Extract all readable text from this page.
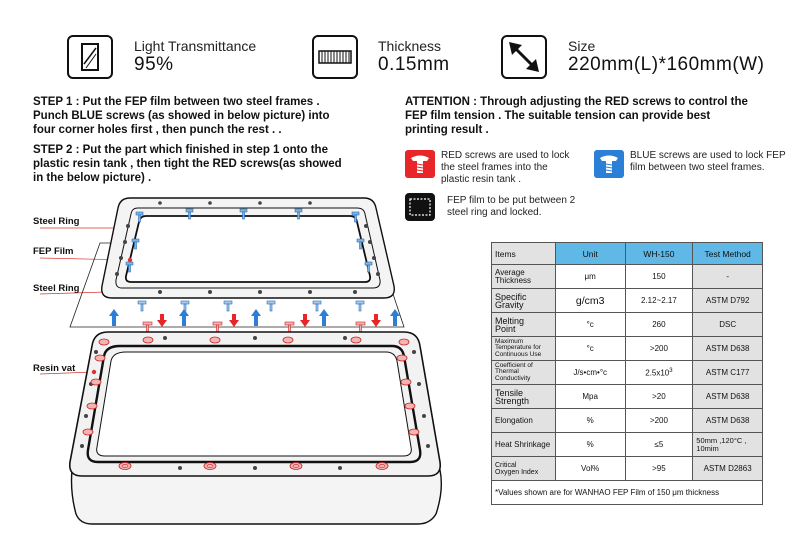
Light Transmittance
95%
Thickness
0.15mm
Size
220mm(L)*160mm(W)
STEP 1 : Put the FEP film between two steel frames .
Punch BLUE screws (as showed in below picture) into
four corner holes first , then punch the rest . .
STEP 2 : Put the part which finished in step 1 onto the
plastic resin tank , then tight the RED screws(as showed
in the below picture) .
ATTENTION : Through adjusting the RED screws to control the
FEP film tension . The suitable tension can provide best
printing result .
RED screws are used to lock
the steel frames into the
plastic resin tank .
BLUE screws are used to lock FEP
film between two steel frames.
FEP film to be put between 2
steel ring and locked.
Steel Ring
FEP Film
Steel Ring
Resin vat
Items	Unit	WH-150	Test Method
Average
Thickness	μm	150	-
Specific
Gravity	g/cm3	2.12~2.17	ASTM D792
Melting
Point	°c	260	DSC
Maximum
Temperature for
Continuous Use	°c	>200	ASTM D638
Coefficient of
Thermal
Conductivity	J/s•cm•°c	$2.5x10^3$	ASTM C177
Tensile
Strength	Mpa	>20	ASTM D638
Elongation	%	>200	ASTM D638
Heat Shrinkage	%	≤5	50mm ,120°C , 10mim
Critical
Oxygen Index	Vol%	>95	ASTM D2863
*Values shown are for WANHAO FEP Film of 150 μm thickness			
